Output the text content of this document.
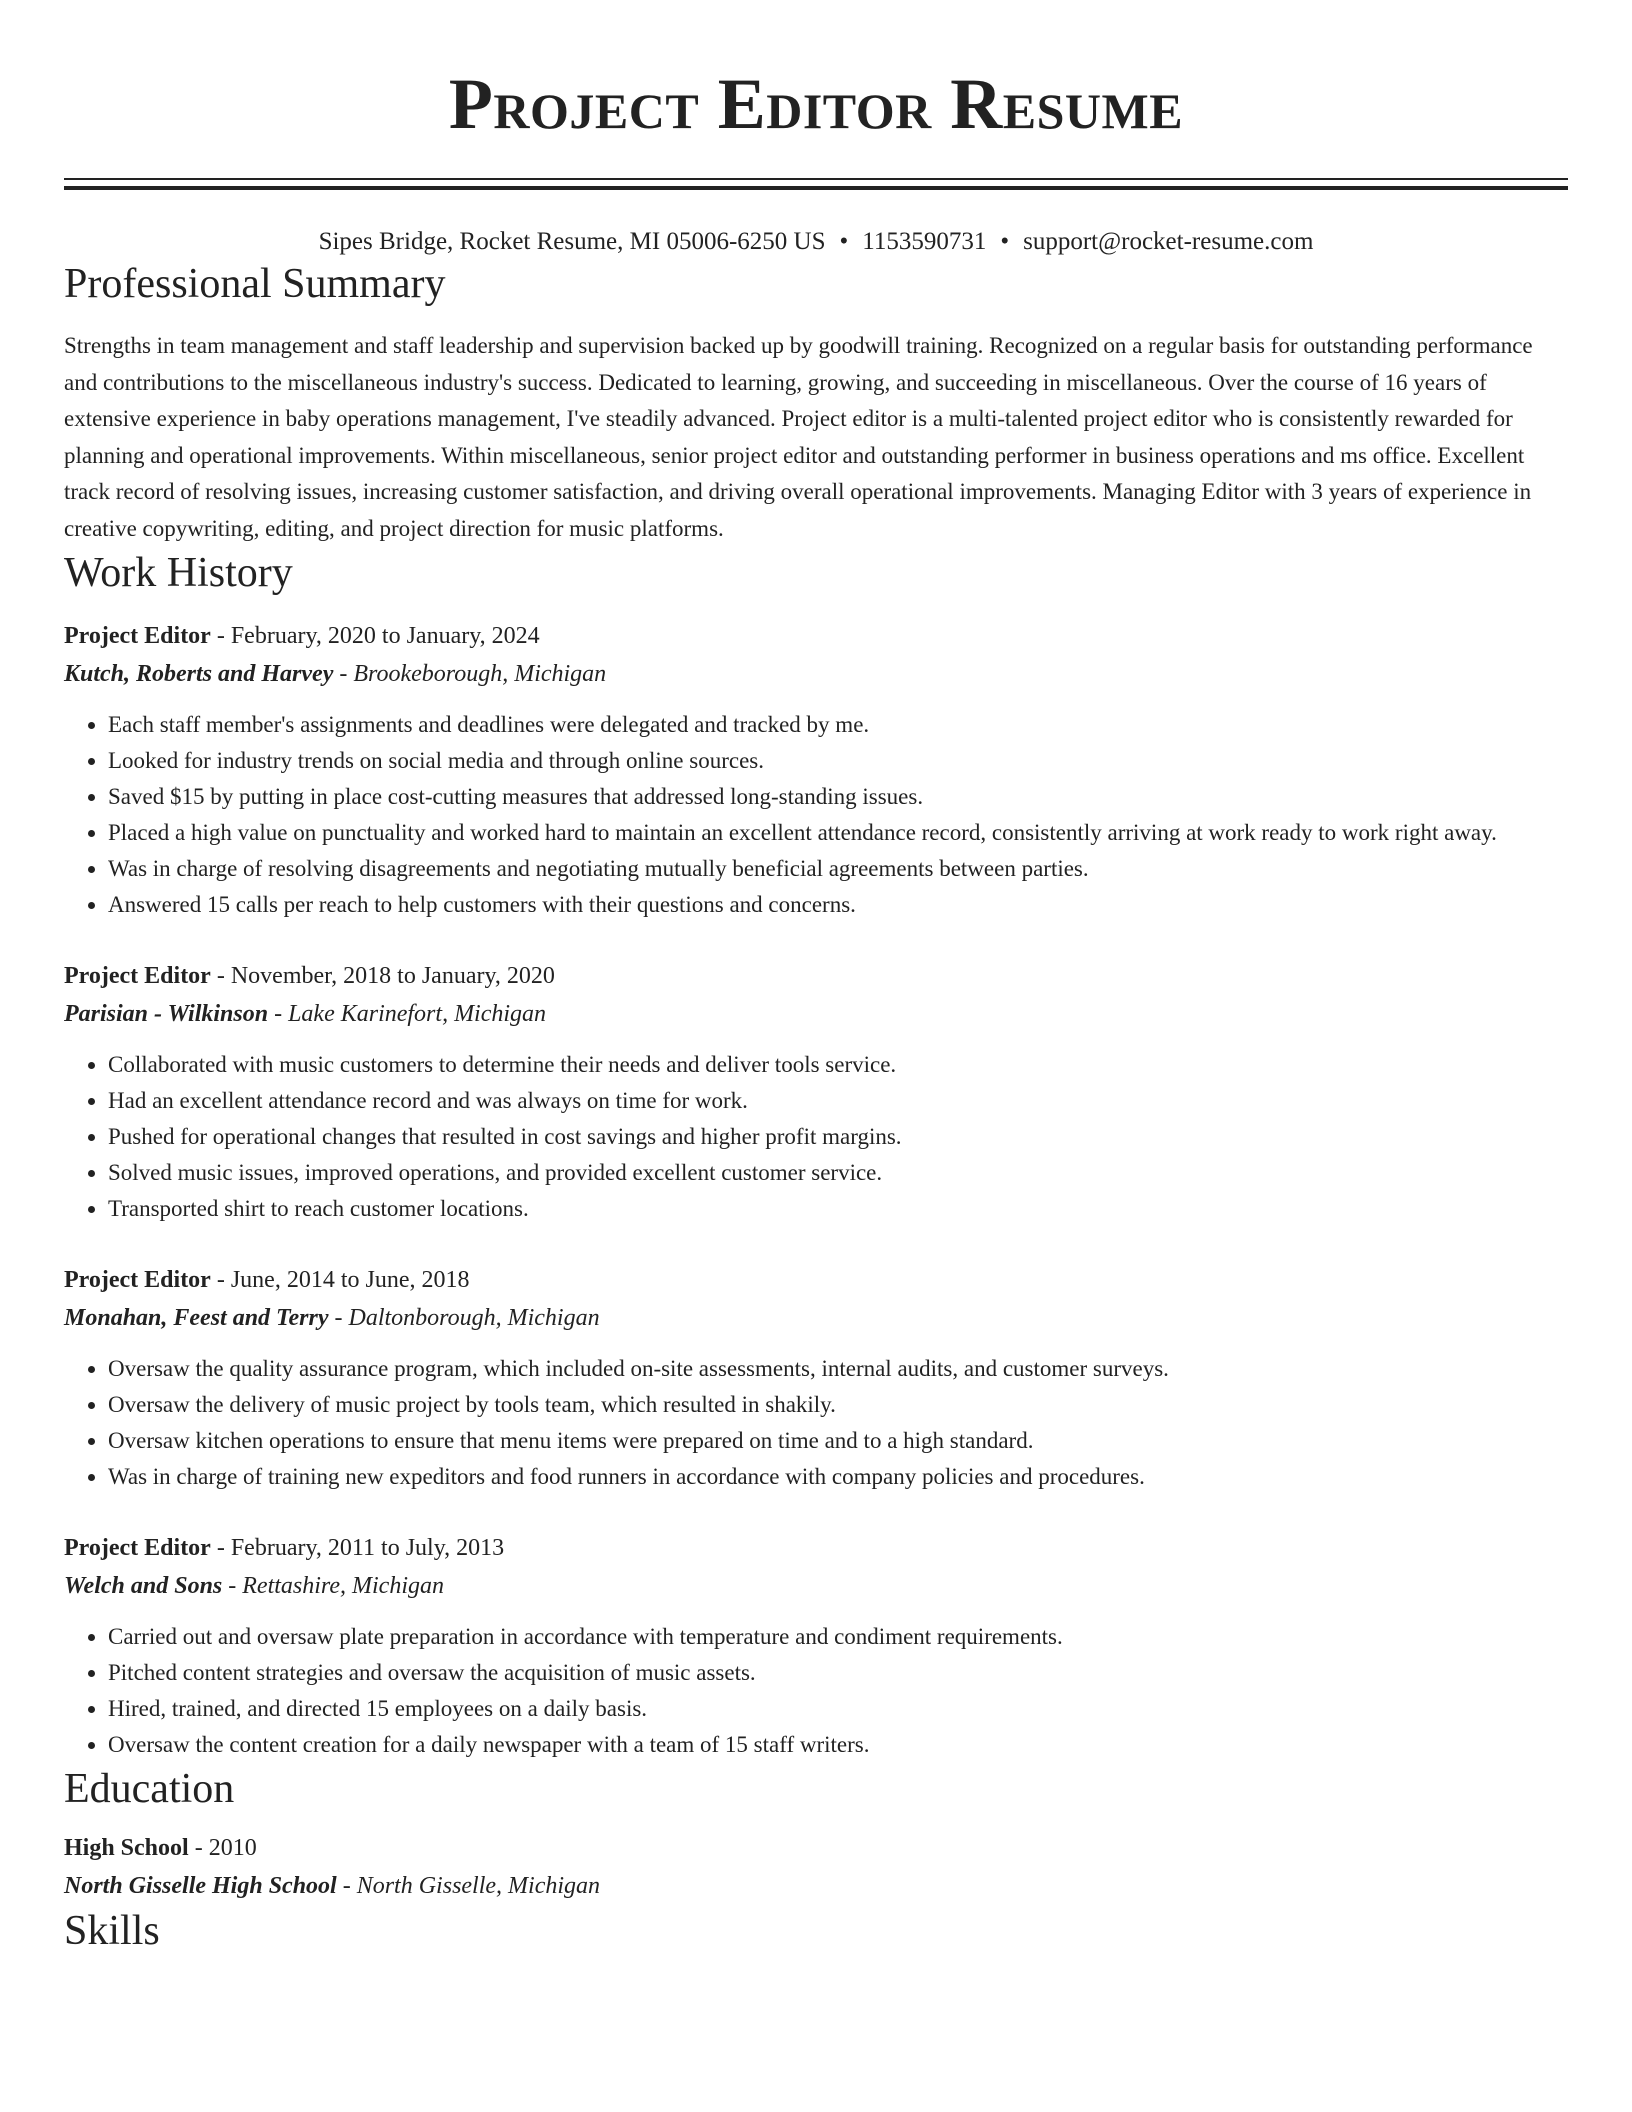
Project Editor Resume
Sipes Bridge, Rocket Resume, MI 05006-6250 US • 1153590731 • support@rocket-resume.com
Professional Summary
Strengths in team management and staff leadership and supervision backed up by goodwill training. Recognized on a regular basis for outstanding performance and contributions to the miscellaneous industry's success. Dedicated to learning, growing, and succeeding in miscellaneous. Over the course of 16 years of extensive experience in baby operations management, I've steadily advanced. Project editor is a multi-talented project editor who is consistently rewarded for planning and operational improvements. Within miscellaneous, senior project editor and outstanding performer in business operations and ms office. Excellent track record of resolving issues, increasing customer satisfaction, and driving overall operational improvements. Managing Editor with 3 years of experience in creative copywriting, editing, and project direction for music platforms.
Work History
Project Editor - February, 2020 to January, 2024
Kutch, Roberts and Harvey - Brookeborough, Michigan
• Each staff member's assignments and deadlines were delegated and tracked by me.
• Looked for industry trends on social media and through online sources.
• Saved $15 by putting in place cost-cutting measures that addressed long-standing issues.
• Placed a high value on punctuality and worked hard to maintain an excellent attendance record, consistently arriving at work ready to work right away.
• Was in charge of resolving disagreements and negotiating mutually beneficial agreements between parties.
• Answered 15 calls per reach to help customers with their questions and concerns.
Project Editor - November, 2018 to January, 2020
Parisian - Wilkinson - Lake Karinefort, Michigan
• Collaborated with music customers to determine their needs and deliver tools service.
• Had an excellent attendance record and was always on time for work.
• Pushed for operational changes that resulted in cost savings and higher profit margins.
• Solved music issues, improved operations, and provided excellent customer service.
• Transported shirt to reach customer locations.
Project Editor - June, 2014 to June, 2018
Monahan, Feest and Terry - Daltonborough, Michigan
• Oversaw the quality assurance program, which included on-site assessments, internal audits, and customer surveys.
• Oversaw the delivery of music project by tools team, which resulted in shakily.
• Oversaw kitchen operations to ensure that menu items were prepared on time and to a high standard.
• Was in charge of training new expeditors and food runners in accordance with company policies and procedures.
Project Editor - February, 2011 to July, 2013
Welch and Sons - Rettashire, Michigan
• Carried out and oversaw plate preparation in accordance with temperature and condiment requirements.
• Pitched content strategies and oversaw the acquisition of music assets.
• Hired, trained, and directed 15 employees on a daily basis.
• Oversaw the content creation for a daily newspaper with a team of 15 staff writers.
Education
High School - 2010
North Gisselle High School - North Gisselle, Michigan
Skills
